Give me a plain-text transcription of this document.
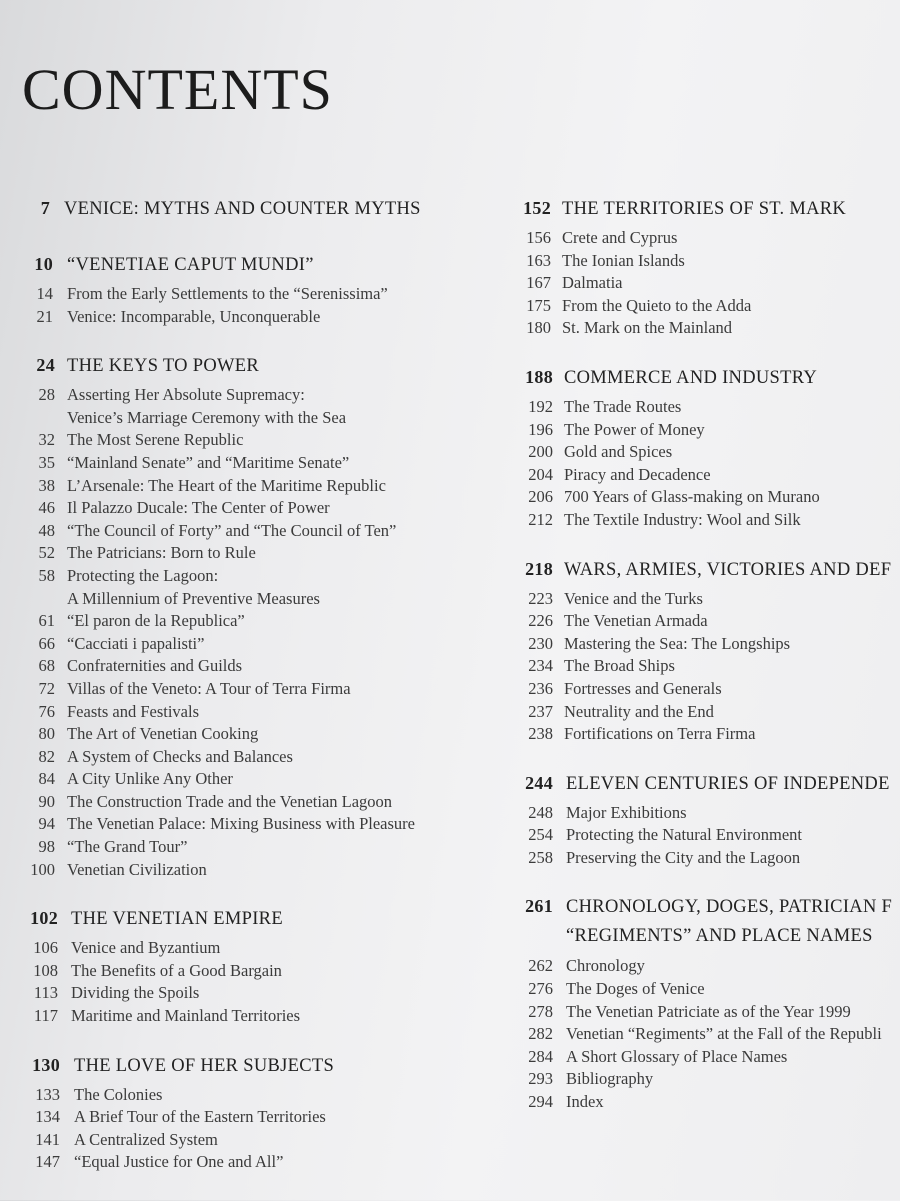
CONTENTS
7 VENICE: MYTHS AND COUNTER MYTHS
10 “VENETIAE CAPUT MUNDI”
14 From the Early Settlements to the “Serenissima”
21 Venice: Incomparable, Unconquerable
24 THE KEYS TO POWER
28 Asserting Her Absolute Supremacy:
Venice’s Marriage Ceremony with the Sea
32 The Most Serene Republic
35 “Mainland Senate” and “Maritime Senate”
38 L’Arsenale: The Heart of the Maritime Republic
46 Il Palazzo Ducale: The Center of Power
48 “The Council of Forty” and “The Council of Ten”
52 The Patricians: Born to Rule
58 Protecting the Lagoon:
A Millennium of Preventive Measures
61 “El paron de la Republica”
66 “Cacciati i papalisti”
68 Confraternities and Guilds
72 Villas of the Veneto: A Tour of Terra Firma
76 Feasts and Festivals
80 The Art of Venetian Cooking
82 A System of Checks and Balances
84 A City Unlike Any Other
90 The Construction Trade and the Venetian Lagoon
94 The Venetian Palace: Mixing Business with Pleasure
98 “The Grand Tour”
100 Venetian Civilization
102 THE VENETIAN EMPIRE
106 Venice and Byzantium
108 The Benefits of a Good Bargain
113 Dividing the Spoils
117 Maritime and Mainland Territories
130 THE LOVE OF HER SUBJECTS
133 The Colonies
134 A Brief Tour of the Eastern Territories
141 A Centralized System
147 “Equal Justice for One and All”
152 THE TERRITORIES OF ST. MARK
156 Crete and Cyprus
163 The Ionian Islands
167 Dalmatia
175 From the Quieto to the Adda
180 St. Mark on the Mainland
188 COMMERCE AND INDUSTRY
192 The Trade Routes
196 The Power of Money
200 Gold and Spices
204 Piracy and Decadence
206 700 Years of Glass-making on Murano
212 The Textile Industry: Wool and Silk
218 WARS, ARMIES, VICTORIES AND DEF
223 Venice and the Turks
226 The Venetian Armada
230 Mastering the Sea: The Longships
234 The Broad Ships
236 Fortresses and Generals
237 Neutrality and the End
238 Fortifications on Terra Firma
244 ELEVEN CENTURIES OF INDEPENDE
248 Major Exhibitions
254 Protecting the Natural Environment
258 Preserving the City and the Lagoon
261 CHRONOLOGY, DOGES, PATRICIAN F
“REGIMENTS” AND PLACE NAMES
262 Chronology
276 The Doges of Venice
278 The Venetian Patriciate as of the Year 1999
282 Venetian “Regiments” at the Fall of the Republi
284 A Short Glossary of Place Names
293 Bibliography
294 Index
